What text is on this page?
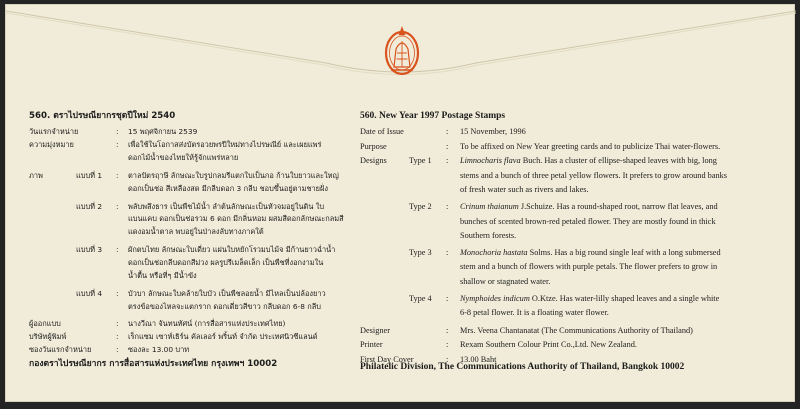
560. ตราไปรษณียากรชุดปีใหม่ 2540
วันแรกจำหน่าย	: 15 พฤศจิกายน 2539
ความมุ่งหมาย	: เพื่อใช้ในโอกาสส่งบัตรอวยพรปีใหม่ทางไปรษณีย์ และเผยแพร่
ดอกไม้น้ำของไทยให้รู้จักแพร่หลาย
ภาพ	แบบที่ 1 : ตาลปัตรฤาษี ลักษณะใบรูปกลมรีแตกใบเป็นกอ ก้านใบยาวและใหญ่
ดอกเป็นช่อ สีเหลืองสด มีกลีบดอก 3 กลีบ ชอบขึ้นอยู่ตามชายฝั่ง
แบบที่ 2 : พลับพลึงธาร เป็นพืชไม้น้ำ ลำต้นลักษณะเป็นหัวจมอยู่ในดิน ใบ
แบนแคบ ดอกเป็นช่อรวม 6 ดอก มีกลิ่นหอม ผสมสีดอกลักษณะกลมสี
แดงอมน้ำตาล พบอยู่ในป่าลงลับทางภาคใต้
แบบที่ 3 : ผักตบไทย ลักษณะใบเดี่ยว แผ่นใบหยักโรวมบไม้จ มีก้านยาวฉ่ำน้ำ
ดอกเป็นช่อกลีบดอกสีม่วง ผลรูปรีเมล็ดเล็ก เป็นพืชที่งอกงามใน
น้ำตื้น หรือที่ๆ มีน้ำขัง
แบบที่ 4 : บัวบา ลักษณะใบคล้ายใบบัว เป็นพืชลอยน้ำ มีไหลเป็นปล้องยาว
ตรงข้อของไหลจะแตกราก ดอกเดี่ยวสีขาว กลีบดอก 6-8 กลีบ
ผู้ออกแบบ	: นางวีณา จันทนทัศน์ (การสื่อสารแห่งประเทศไทย)
บริษัทผู้พิมพ์	: เร็กแซม เซาท์เธิร์น คัลเลอร์ พริ้นท์ จำกัด ประเทศนิวซีแลนด์
ซองวันแรกจำหน่าย	: ซองละ 13.00 บาท
กองตราไปรษณียากร การสื่อสารแห่งประเทศไทย กรุงเทพฯ 10002
560. New Year 1997 Postage Stamps
Date of Issue	: 15 November, 1996
Purpose	: To be affixed on New Year greeting cards and to publicize Thai water-flowers.
Designs	Type 1 : Limnocharis flava Buch. Has a cluster of ellipse-shaped leaves with big, long
stems and a bunch of three petal yellow flowers. It prefers to grow around banks
of fresh water such as rivers and lakes.
Type 2 : Crinum thaianum J.Schuize. Has a round-shaped root, narrow flat leaves, and
bunches of scented brown-red petaled flower. They are mostly found in thick
Southern forests.
Type 3 : Monochoria hastata Solms. Has a big round single leaf with a long submersed
stem and a bunch of flowers with purple petals. The flower prefers to grow in
shallow or stagnated water.
Type 4 : Nymphoides indicum O.Ktze. Has water-lilly shaped leaves and a single white
6-8 petal flower. It is a floating water flower.
Designer	: Mrs. Veena Chantanatat (The Communications Authority of Thailand)
Printer	: Rexam Southern Colour Print Co.,Ltd. New Zealand.
First Day Cover	: 13.00 Baht
Philatelic Division, The Communications Authority of Thailand, Bangkok 10002
